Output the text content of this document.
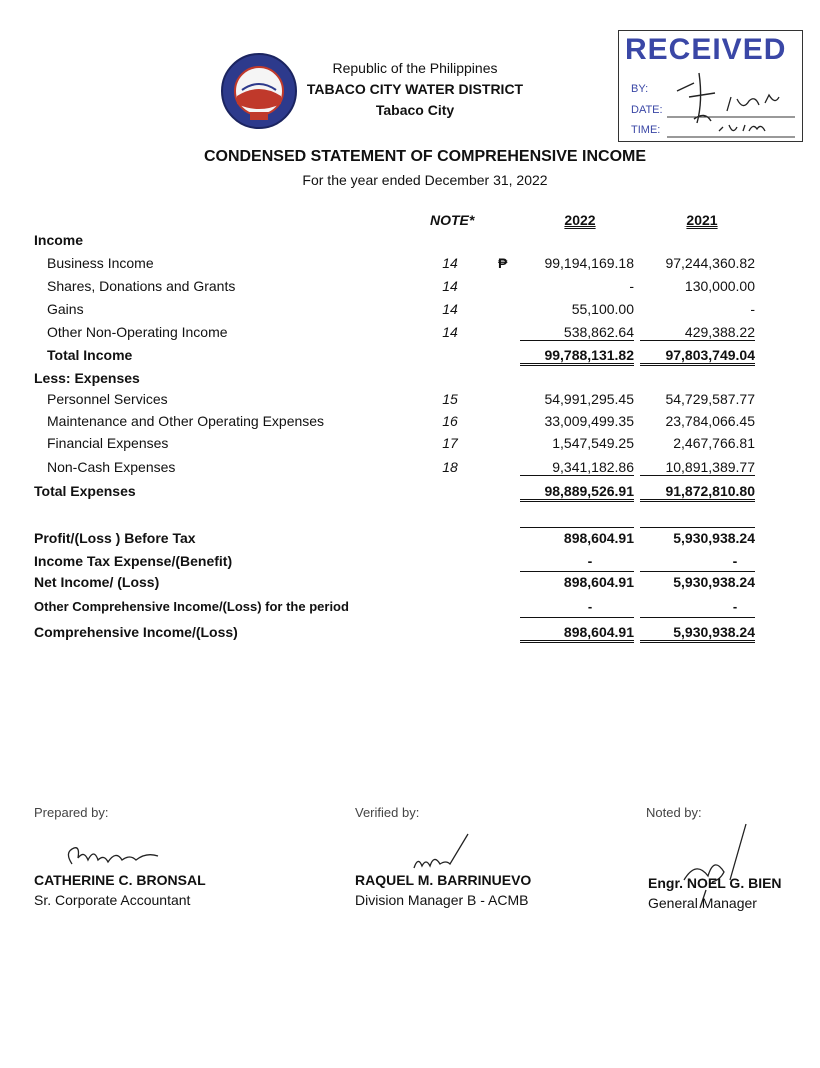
Republic of the Philippines
TABACO CITY WATER DISTRICT
Tabaco City
RECEIVED
BY:
DATE:
TIME:
CONDENSED STATEMENT OF COMPREHENSIVE INCOME
For the year ended December 31, 2022
NOTE*	2022	2021
Income
Business Income	14	₱	99,194,169.18	97,244,360.82
Shares, Donations and Grants	14	-	130,000.00
Gains	14	55,100.00	-
Other Non-Operating Income	14	538,862.64	429,388.22
Total Income	99,788,131.82	97,803,749.04
Less: Expenses
Personnel Services	15	54,991,295.45	54,729,587.77
Maintenance and Other Operating Expenses	16	33,009,499.35	23,784,066.45
Financial Expenses	17	1,547,549.25	2,467,766.81
Non-Cash Expenses	18	9,341,182.86	10,891,389.77
Total Expenses	98,889,526.91	91,872,810.80
Profit/(Loss ) Before Tax	898,604.91	5,930,938.24
Income Tax Expense/(Benefit)	-	-
Net Income/ (Loss)	898,604.91	5,930,938.24
Other Comprehensive Income/(Loss) for the period	-	-
Comprehensive Income/(Loss)	898,604.91	5,930,938.24
Prepared by:	Verified by:	Noted by:
CATHERINE C. BRONSAL	RAQUEL M. BARRINUEVO	Engr. NOEL G. BIEN
Sr. Corporate Accountant	Division Manager B - ACMB	General Manager
